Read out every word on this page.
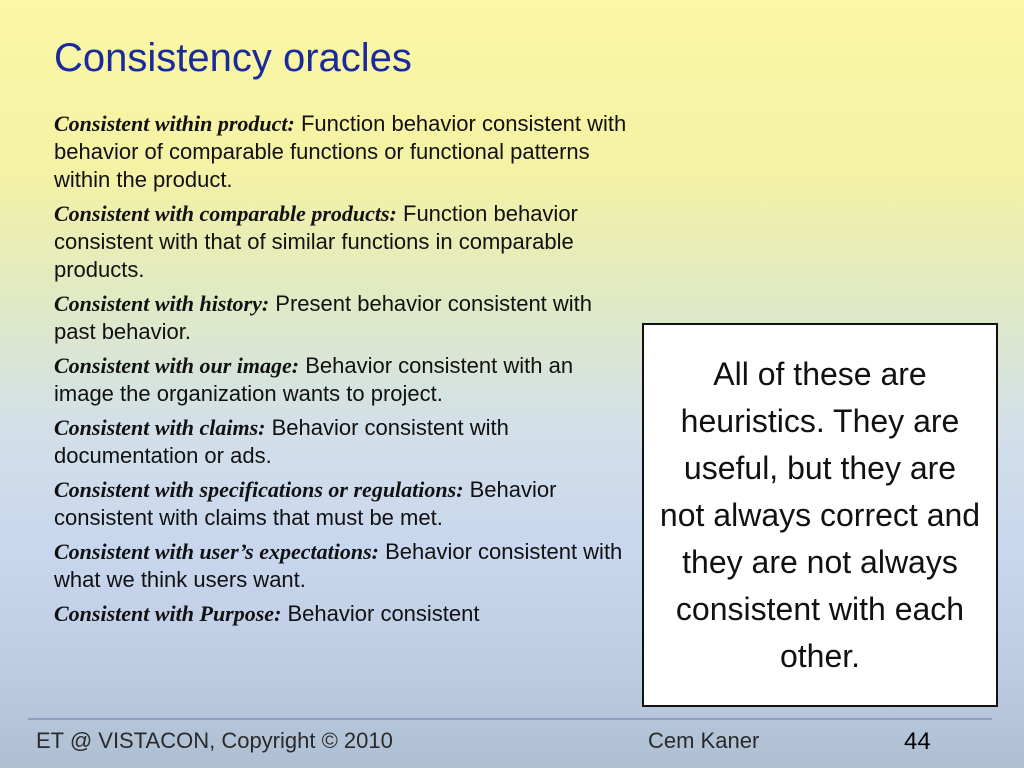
Consistency oracles

Consistent within product: Function behavior consistent with behavior of comparable functions or functional patterns within the product.

Consistent with comparable products: Function behavior consistent with that of similar functions in comparable products.

Consistent with history: Present behavior consistent with past behavior.

Consistent with our image: Behavior consistent with an image the organization wants to project.

Consistent with claims: Behavior consistent with documentation or ads.

Consistent with specifications or regulations: Behavior consistent with claims that must be met.

Consistent with user’s expectations: Behavior consistent with what we think users want.

Consistent with Purpose: Behavior consistent

All of these are heuristics. They are useful, but they are not always correct and they are not always consistent with each other.
ET @ VISTACON, Copyright © 2010	Cem Kaner	44
